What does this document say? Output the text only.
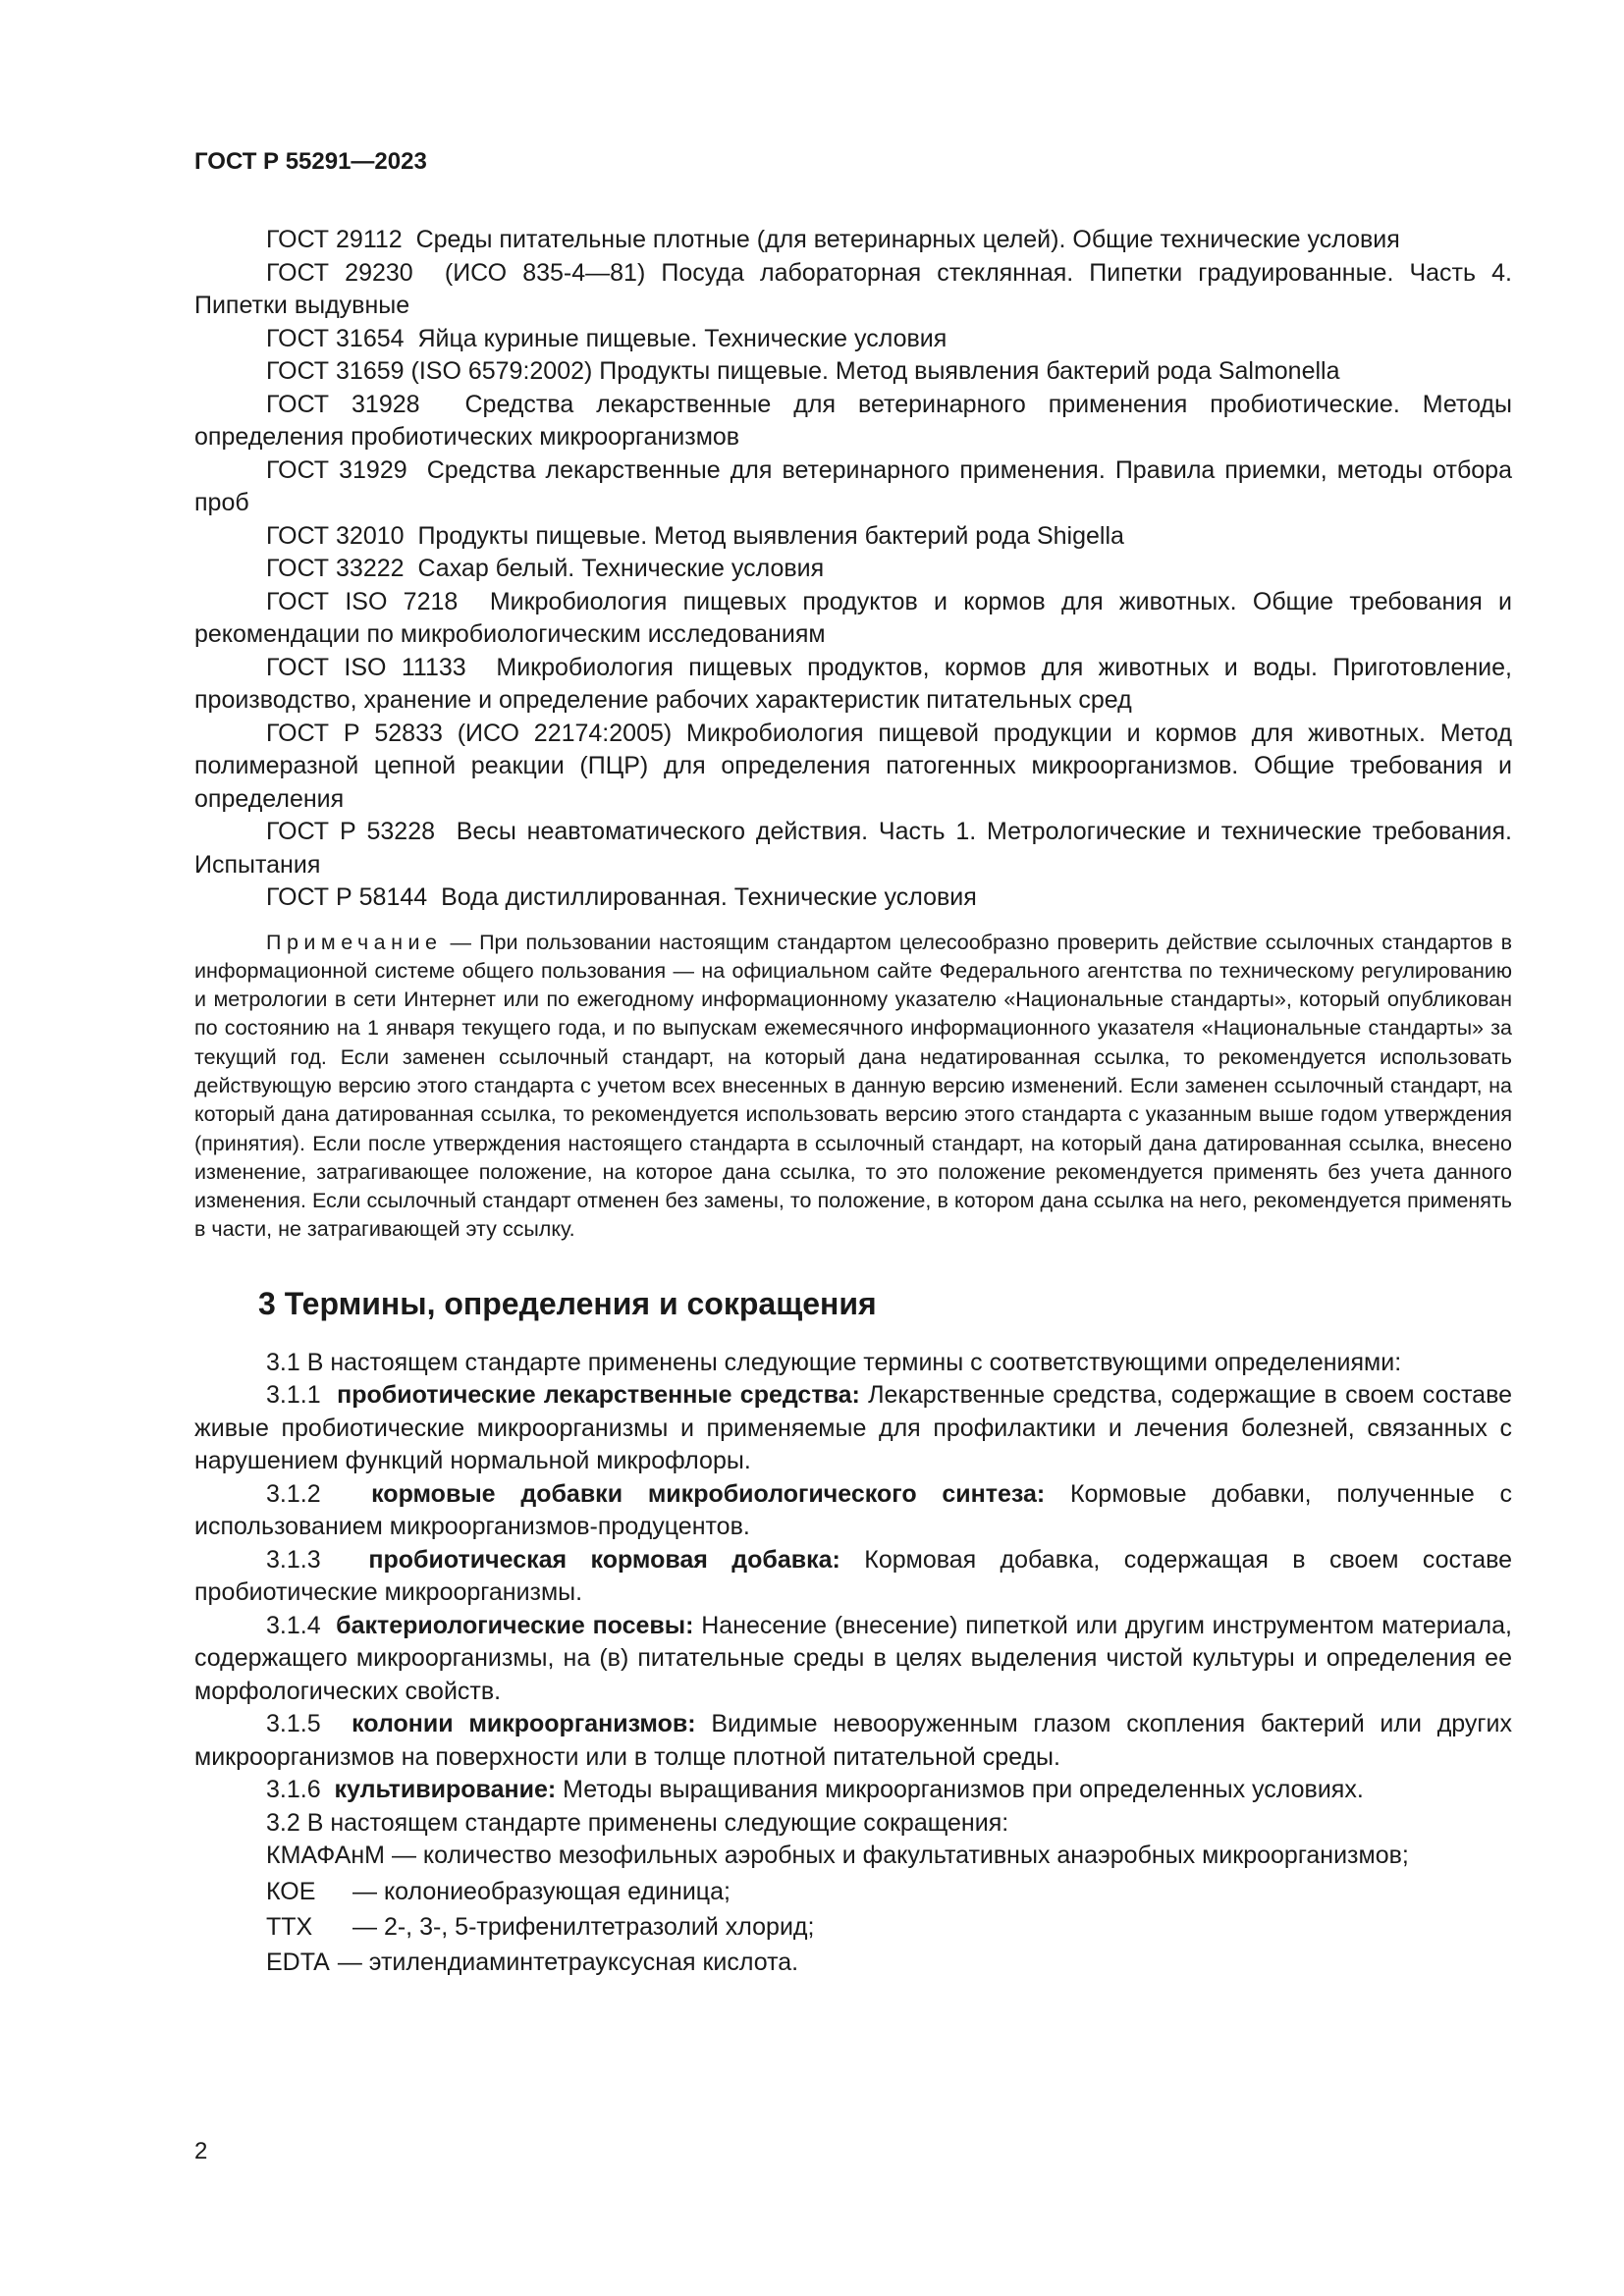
ГОСТ Р 55291—2023

ГОСТ 29112 Среды питательные плотные (для ветеринарных целей). Общие технические условия

ГОСТ 29230 (ИСО 835-4—81) Посуда лабораторная стеклянная. Пипетки градуированные. Часть 4. Пипетки выдувные

ГОСТ 31654 Яйца куриные пищевые. Технические условия

ГОСТ 31659 (ISO 6579:2002) Продукты пищевые. Метод выявления бактерий рода Salmonella

ГОСТ 31928 Средства лекарственные для ветеринарного применения пробиотические. Методы определения пробиотических микроорганизмов

ГОСТ 31929 Средства лекарственные для ветеринарного применения. Правила приемки, методы отбора проб

ГОСТ 32010 Продукты пищевые. Метод выявления бактерий рода Shigella

ГОСТ 33222 Сахар белый. Технические условия

ГОСТ ISO 7218 Микробиология пищевых продуктов и кормов для животных. Общие требования и рекомендации по микробиологическим исследованиям

ГОСТ ISO 11133 Микробиология пищевых продуктов, кормов для животных и воды. Приготовление, производство, хранение и определение рабочих характеристик питательных сред

ГОСТ Р 52833 (ИСО 22174:2005) Микробиология пищевой продукции и кормов для животных. Метод полимеразной цепной реакции (ПЦР) для определения патогенных микроорганизмов. Общие требования и определения

ГОСТ Р 53228 Весы неавтоматического действия. Часть 1. Метрологические и технические требования. Испытания

ГОСТ Р 58144 Вода дистиллированная. Технические условия

Примечание — При пользовании настоящим стандартом целесообразно проверить действие ссылочных стандартов в информационной системе общего пользования — на официальном сайте Федерального агентства по техническому регулированию и метрологии в сети Интернет или по ежегодному информационному указателю «Национальные стандарты», который опубликован по состоянию на 1 января текущего года, и по выпускам ежемесячного информационного указателя «Национальные стандарты» за текущий год. Если заменен ссылочный стандарт, на который дана недатированная ссылка, то рекомендуется использовать действующую версию этого стандарта с учетом всех внесенных в данную версию изменений. Если заменен ссылочный стандарт, на который дана датированная ссылка, то рекомендуется использовать версию этого стандарта с указанным выше годом утверждения (принятия). Если после утверждения настоящего стандарта в ссылочный стандарт, на который дана датированная ссылка, внесено изменение, затрагивающее положение, на которое дана ссылка, то это положение рекомендуется применять без учета данного изменения. Если ссылочный стандарт отменен без замены, то положение, в котором дана ссылка на него, рекомендуется применять в части, не затрагивающей эту ссылку.

3 Термины, определения и сокращения

3.1 В настоящем стандарте применены следующие термины с соответствующими определениями:

3.1.1 пробиотические лекарственные средства: Лекарственные средства, содержащие в своем составе живые пробиотические микроорганизмы и применяемые для профилактики и лечения болезней, связанных с нарушением функций нормальной микрофлоры.

3.1.2 кормовые добавки микробиологического синтеза: Кормовые добавки, полученные с использованием микроорганизмов-продуцентов.

3.1.3 пробиотическая кормовая добавка: Кормовая добавка, содержащая в своем составе пробиотические микроорганизмы.

3.1.4 бактериологические посевы: Нанесение (внесение) пипеткой или другим инструментом материала, содержащего микроорганизмы, на (в) питательные среды в целях выделения чистой культуры и определения ее морфологических свойств.

3.1.5 колонии микроорганизмов: Видимые невооруженным глазом скопления бактерий или других микроорганизмов на поверхности или в толще плотной питательной среды.

3.1.6 культивирование: Методы выращивания микроорганизмов при определенных условиях.

3.2 В настоящем стандарте применены следующие сокращения:

КМАФАнМ — количество мезофильных аэробных и факультативных анаэробных микроорганизмов;

КОЕ	— колониеобразующая единица;
ТТХ	— 2-, 3-, 5-трифенилтетразолий хлорид;
EDTA — этилендиаминтетрауксусная кислота.
2
